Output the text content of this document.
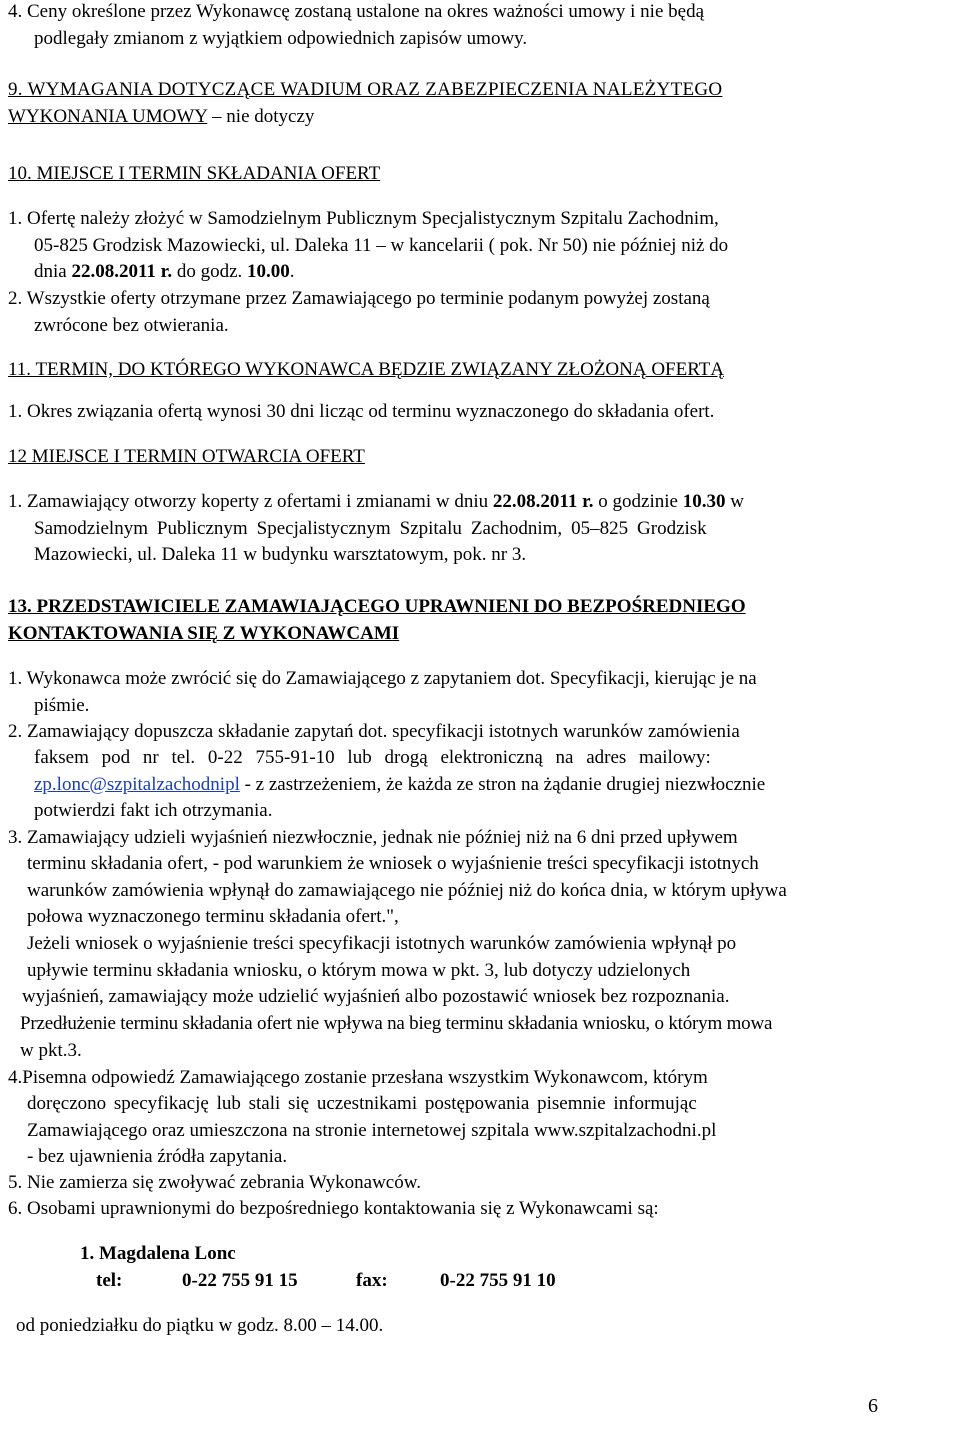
4. Ceny określone przez Wykonawcę zostaną ustalone na okres ważności umowy i nie będą
podlegały zmianom z wyjątkiem odpowiednich zapisów umowy.
9. WYMAGANIA DOTYCZĄCE WADIUM ORAZ ZABEZPIECZENIA NALEŻYTEGO
WYKONANIA UMOWY – nie dotyczy
10. MIEJSCE I TERMIN SKŁADANIA OFERT
1. Ofertę należy złożyć w Samodzielnym Publicznym Specjalistycznym Szpitalu Zachodnim,
05-825 Grodzisk Mazowiecki, ul. Daleka 11 – w kancelarii ( pok. Nr 50) nie później niż do
dnia 22.08.2011 r. do godz. 10.00.
2. Wszystkie oferty otrzymane przez Zamawiającego po terminie podanym powyżej zostaną
zwrócone bez otwierania.
11. TERMIN, DO KTÓREGO WYKONAWCA BĘDZIE ZWIĄZANY ZŁOŻONĄ OFERTĄ
1. Okres związania ofertą wynosi 30 dni licząc od terminu wyznaczonego do składania ofert.
12 MIEJSCE I TERMIN OTWARCIA OFERT
1. Zamawiający otworzy koperty z ofertami i zmianami w dniu 22.08.2011 r. o godzinie 10.30 w
Samodzielnym Publicznym Specjalistycznym Szpitalu Zachodnim, 05–825 Grodzisk
Mazowiecki, ul. Daleka 11 w budynku warsztatowym, pok. nr 3.
13. PRZEDSTAWICIELE ZAMAWIAJĄCEGO UPRAWNIENI DO BEZPOŚREDNIEGO
KONTAKTOWANIA SIĘ Z WYKONAWCAMI
1. Wykonawca może zwrócić się do Zamawiającego z zapytaniem dot. Specyfikacji, kierując je na
piśmie.
2. Zamawiający dopuszcza składanie zapytań dot. specyfikacji istotnych warunków zamówienia
faksem pod nr tel. 0-22 755-91-10 lub drogą elektroniczną na adres mailowy:
zp.lonc@szpitalzachodnipl - z zastrzeżeniem, że każda ze stron na żądanie drugiej niezwłocznie
potwierdzi fakt ich otrzymania.
3. Zamawiający udzieli wyjaśnień niezwłocznie, jednak nie później niż na 6 dni przed upływem
terminu składania ofert, - pod warunkiem że wniosek o wyjaśnienie treści specyfikacji istotnych
warunków zamówienia wpłynął do zamawiającego nie później niż do końca dnia, w którym upływa
połowa wyznaczonego terminu składania ofert.",
Jeżeli wniosek o wyjaśnienie treści specyfikacji istotnych warunków zamówienia wpłynął po
upływie terminu składania wniosku, o którym mowa w pkt. 3, lub dotyczy udzielonych
wyjaśnień, zamawiający może udzielić wyjaśnień albo pozostawić wniosek bez rozpoznania.
Przedłużenie terminu składania ofert nie wpływa na bieg terminu składania wniosku, o którym mowa
w pkt.3.
4.Pisemna odpowiedź Zamawiającego zostanie przesłana wszystkim Wykonawcom, którym
doręczono specyfikację lub stali się uczestnikami postępowania pisemnie informując
Zamawiającego oraz umieszczona na stronie internetowej szpitala www.szpitalzachodni.pl
- bez ujawnienia źródła zapytania.
5. Nie zamierza się zwoływać zebrania Wykonawców.
6. Osobami uprawnionymi do bezpośredniego kontaktowania się z Wykonawcami są:
1. Magdalena Lonc
tel:	0-22 755 91 15	fax:	0-22 755 91 10
od poniedziałku do piątku w godz. 8.00 – 14.00.
6
